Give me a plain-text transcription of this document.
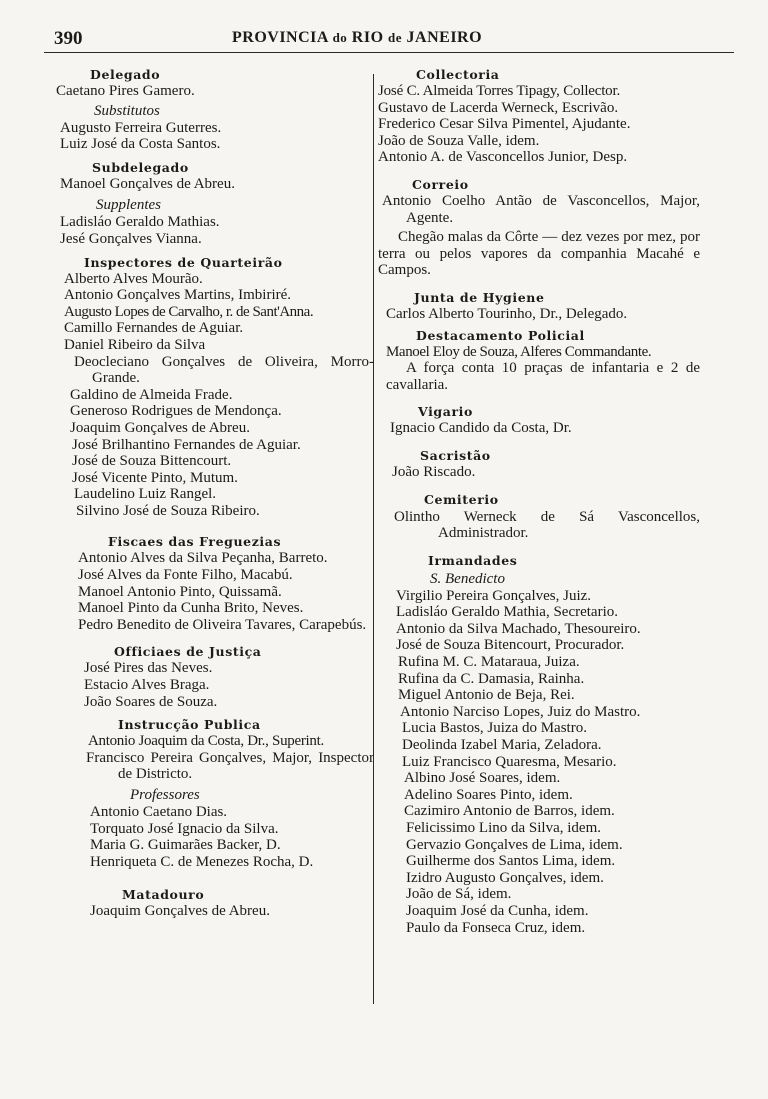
390	PROVINCIA do RIO de JANEIRO

Delegado

Caetano Pires Gamero.

Substitutos

Augusto Ferreira Guterres.

Luiz José da Costa Santos.

Subdelegado

Manoel Gonçalves de Abreu.

Supplentes

Ladisláo Geraldo Mathias.

Jesé Gonçalves Vianna.

Inspectores de Quarteirão

Alberto Alves Mourão.

Antonio Gonçalves Martins, Imbiriré.

Augusto Lopes de Carvalho, r. de Sant'Anna.

Camillo Fernandes de Aguiar.

Daniel Ribeiro da Silva

Deocleciano Gonçalves de Oliveira, Morro-Grande.

Galdino de Almeida Frade.

Generoso Rodrigues de Mendonça.

Joaquim Gonçalves de Abreu.

José Brilhantino Fernandes de Aguiar.

José de Souza Bittencourt.

José Vicente Pinto, Mutum.

Laudelino Luiz Rangel.

Silvino José de Souza Ribeiro.

Fiscaes das Freguezias

Antonio Alves da Silva Peçanha, Barreto.

José Alves da Fonte Filho, Macabú.

Manoel Antonio Pinto, Quissamã.

Manoel Pinto da Cunha Brito, Neves.

Pedro Benedito de Oliveira Tavares, Carapebús.

Officiaes de Justiça

José Pires das Neves.

Estacio Alves Braga.

João Soares de Souza.

Instrucção Publica

Antonio Joaquim da Costa, Dr., Superint.

Francisco Pereira Gonçalves, Major, Inspector de Districto.

Professores

Antonio Caetano Dias.

Torquato José Ignacio da Silva.

Maria G. Guimarães Backer, D.

Henriqueta C. de Menezes Rocha, D.

Matadouro

Joaquim Gonçalves de Abreu.

Collectoria

José C. Almeida Torres Tipagy, Collector.

Gustavo de Lacerda Werneck, Escrivão.

Frederico Cesar Silva Pimentel, Ajudante.

João de Souza Valle, idem.

Antonio A. de Vasconcellos Junior, Desp.

Correio

Antonio Coelho Antão de Vasconcellos, Major, Agente.

Chegão malas da Côrte — dez vezes por mez, por terra ou pelos vapores da companhia Macahé e Campos.

Junta de Hygiene

Carlos Alberto Tourinho, Dr., Delegado.

Destacamento Policial

Manoel Eloy de Souza, Alferes Commandante.

A força conta 10 praças de infantaria e 2 de cavallaria.

Vigario

Ignacio Candido da Costa, Dr.

Sacristão

João Riscado.

Cemiterio

Olintho Werneck de Sá Vasconcellos, Administrador.

Irmandades

S. Benedicto

Virgilio Pereira Gonçalves, Juiz.

Ladisláo Geraldo Mathia, Secretario.

Antonio da Silva Machado, Thesoureiro.

José de Souza Bitencourt, Procurador.

Rufina M. C. Mataraua, Juiza.

Rufina da C. Damasia, Rainha.

Miguel Antonio de Beja, Rei.

Antonio Narciso Lopes, Juiz do Mastro.

Lucia Bastos, Juiza do Mastro.

Deolinda Izabel Maria, Zeladora.

Luiz Francisco Quaresma, Mesario.

Albino José Soares, idem.

Adelino Soares Pinto, idem.

Cazimiro Antonio de Barros, idem.

Felicissimo Lino da Silva, idem.

Gervazio Gonçalves de Lima, idem.

Guilherme dos Santos Lima, idem.

Izidro Augusto Gonçalves, idem.

João de Sá, idem.

Joaquim José da Cunha, idem.

Paulo da Fonseca Cruz, idem.
